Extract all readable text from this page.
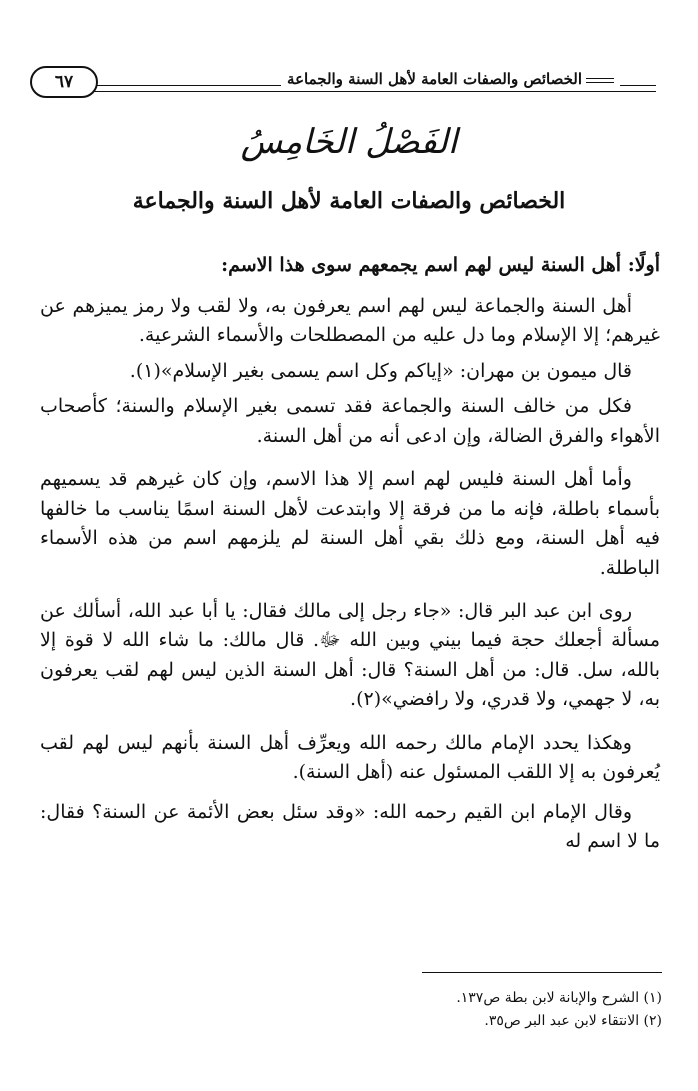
الخصائص والصفات العامة لأهل السنة والجماعة
٦٧
الفَصْلُ الخَامِسُ
الخصائص والصفات العامة لأهل السنة والجماعة
أولًا: أهل السنة ليس لهم اسم يجمعهم سوى هذا الاسم:

أهل السنة والجماعة ليس لهم اسم يعرفون به، ولا لقب ولا رمز يميزهم عن غيرهم؛ إلا الإسلام وما دل عليه من المصطلحات والأسماء الشرعية.

قال ميمون بن مهران: «إياكم وكل اسم يسمى بغير الإسلام»(١).

فكل من خالف السنة والجماعة فقد تسمى بغير الإسلام والسنة؛ كأصحاب الأهواء والفرق الضالة، وإن ادعى أنه من أهل السنة.

وأما أهل السنة فليس لهم اسم إلا هذا الاسم، وإن كان غيرهم قد يسميهم بأسماء باطلة، فإنه ما من فرقة إلا وابتدعت لأهل السنة اسمًا يناسب ما خالفها فيه أهل السنة، ومع ذلك بقي أهل السنة لم يلزمهم اسم من هذه الأسماء الباطلة.

روى ابن عبد البر قال: «جاء رجل إلى مالك فقال: يا أبا عبد الله، أسألك عن مسألة أجعلك حجة فيما بيني وبين الله ﷻ. قال مالك: ما شاء الله لا قوة إلا بالله، سل. قال: من أهل السنة؟ قال: أهل السنة الذين ليس لهم لقب يعرفون به، لا جهمي، ولا قدري، ولا رافضي»(٢).

وهكذا يحدد الإمام مالك رحمه الله ويعرِّف أهل السنة بأنهم ليس لهم لقب يُعرفون به إلا اللقب المسئول عنه (أهل السنة).

وقال الإمام ابن القيم رحمه الله: «وقد سئل بعض الأئمة عن السنة؟ فقال: ما لا اسم له

(١) الشرح والإبانة لابن بطة ص١٣٧.
(٢) الانتقاء لابن عبد البر ص٣٥.
